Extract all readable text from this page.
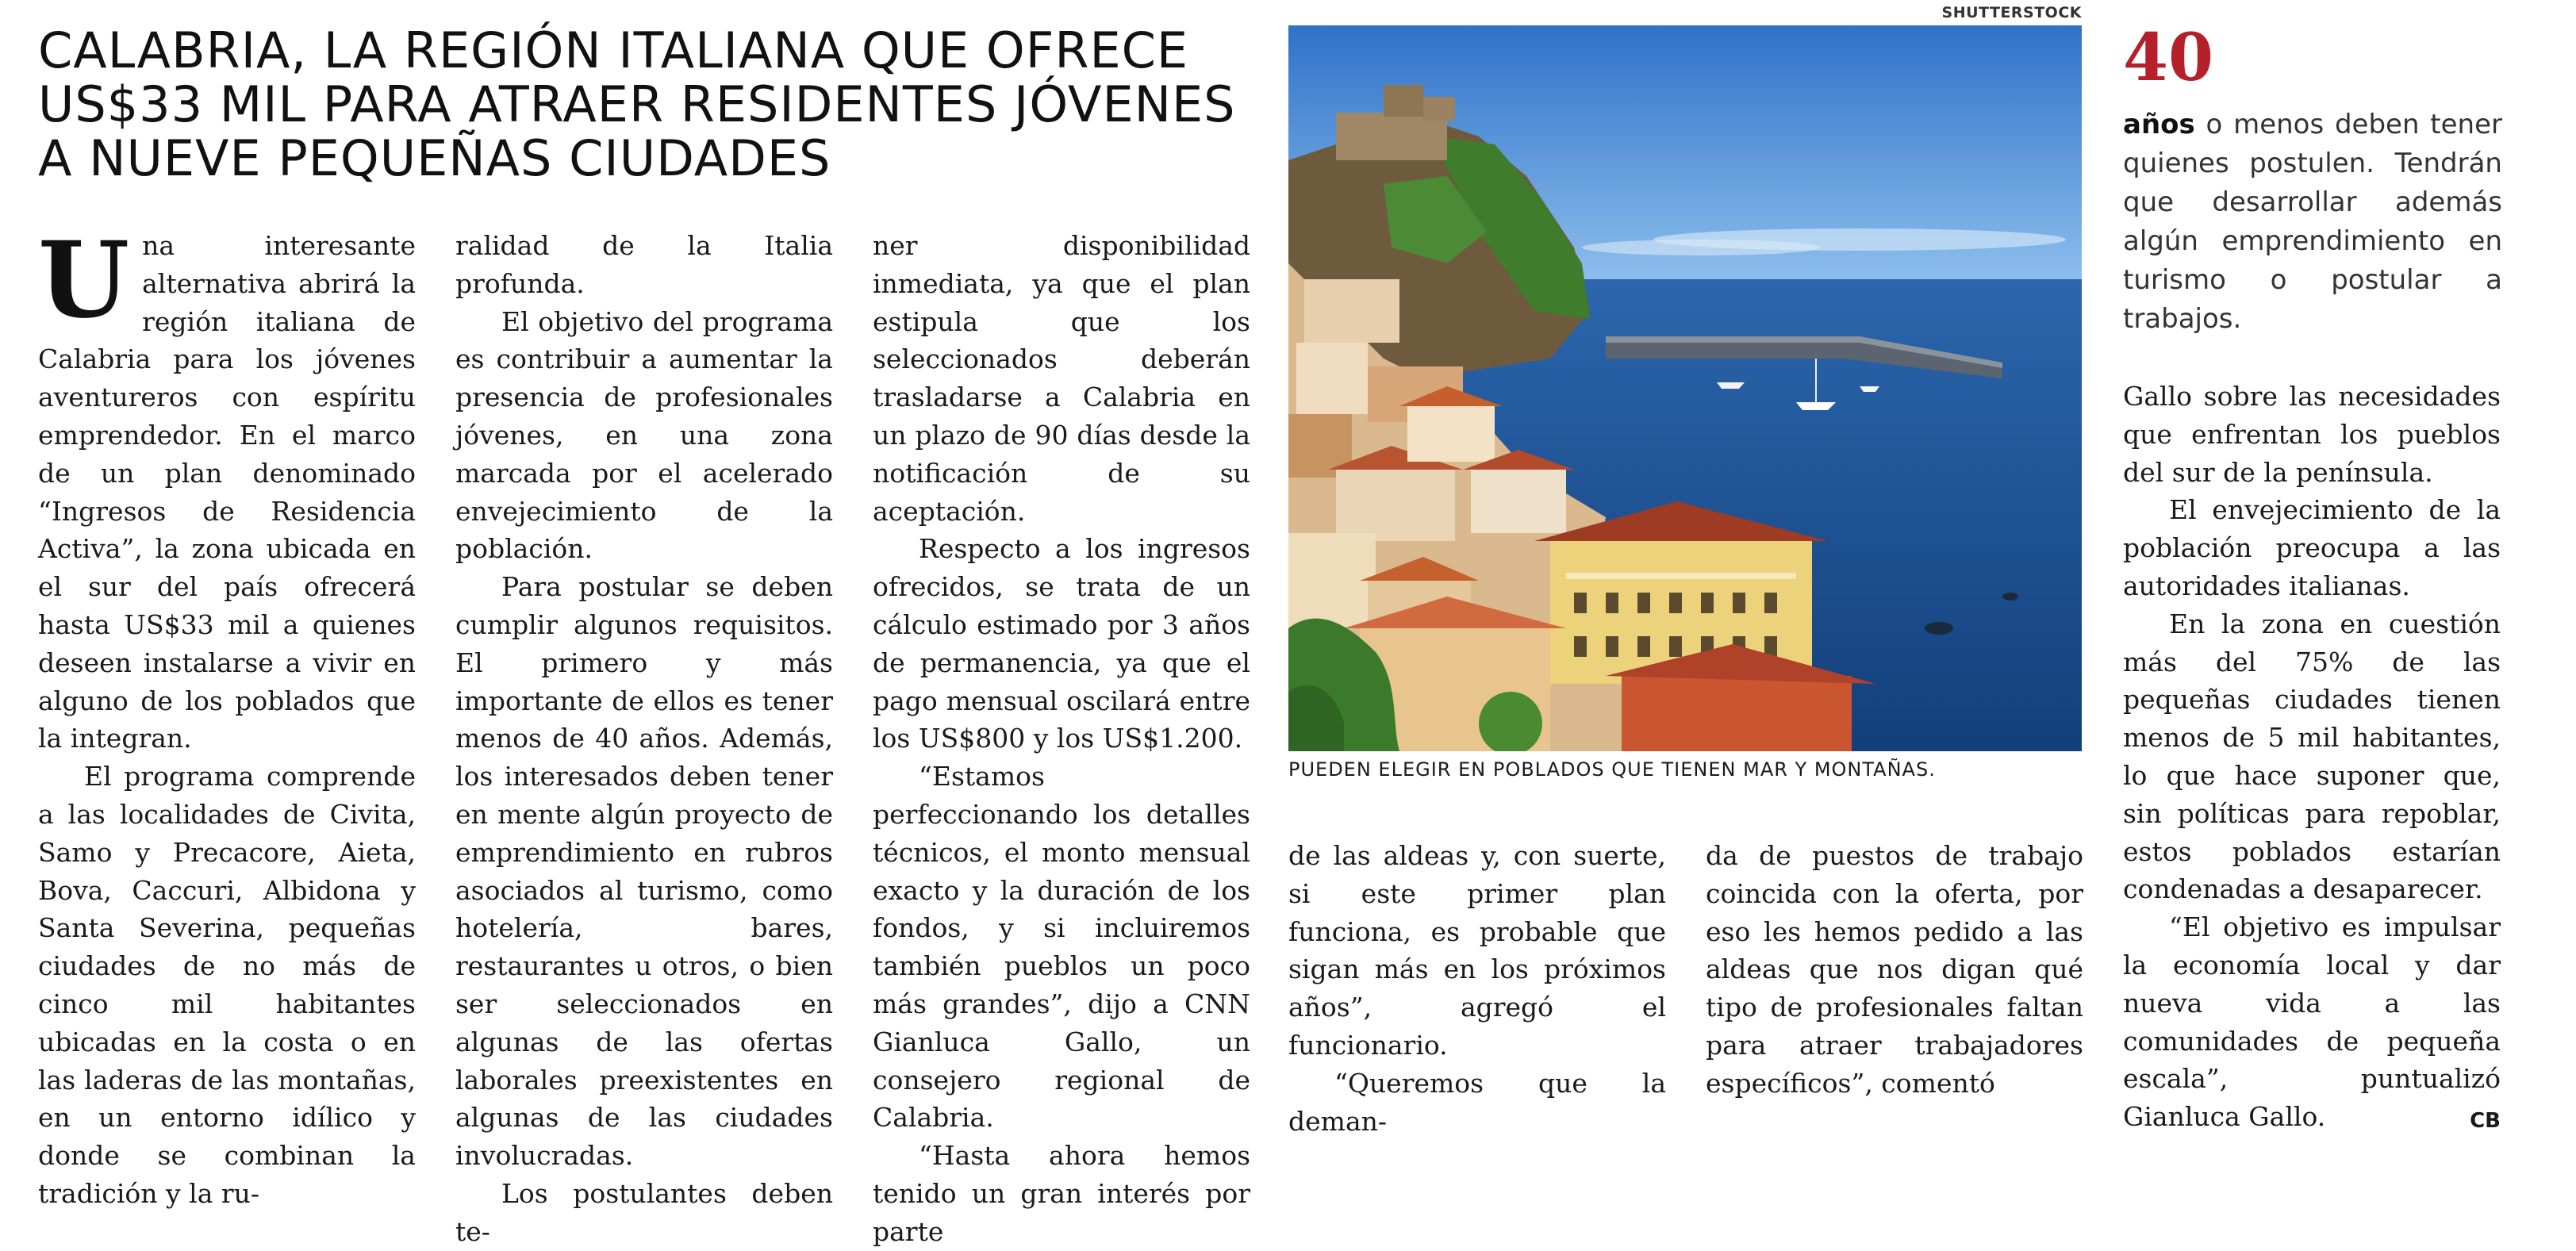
CALABRIA, LA REGIÓN ITALIANA QUE OFRECE US$33 MIL PARA ATRAER RESIDENTES JÓVENES A NUEVE PEQUEÑAS CIUDADES
U na interesante alternativa abrirá la región italiana de Calabria para los jóvenes aventureros con espíritu emprendedor. En el marco de un plan denominado “Ingresos de Residencia Activa”, la zona ubicada en el sur del país ofrecerá hasta US$33 mil a quienes deseen instalarse a vivir en alguno de los poblados que la integran.

El programa comprende a las localidades de Civita, Samo y Precacore, Aieta, Bova, Caccuri, Albidona y Santa Severina, pequeñas ciudades de no más de cinco mil habitantes ubicadas en la costa o en las laderas de las montañas, en un entorno idílico y donde se combinan la tradición y la ru-

ralidad de la Italia profunda.

El objetivo del programa es contribuir a aumentar la presencia de profesionales jóvenes, en una zona marcada por el acelerado envejecimiento de la población.

Para postular se deben cumplir algunos requisitos. El primero y más importante de ellos es tener menos de 40 años. Además, los interesados deben tener en mente algún proyecto de emprendimiento en rubros asociados al turismo, como hotelería, bares, restaurantes u otros, o bien ser seleccionados en algunas de las ofertas laborales preexistentes en algunas de las ciudades involucradas.

Los postulantes deben te-

ner disponibilidad inmediata, ya que el plan estipula que los seleccionados deberán trasladarse a Calabria en un plazo de 90 días desde la notificación de su aceptación.

Respecto a los ingresos ofrecidos, se trata de un cálculo estimado por 3 años de permanencia, ya que el pago mensual oscilará entre los US$800 y los US$1.200.

“Estamos perfeccionando los detalles técnicos, el monto mensual exacto y la duración de los fondos, y si incluiremos también pueblos un poco más grandes”, dijo a CNN Gianluca Gallo, un consejero regional de Calabria.

“Hasta ahora hemos tenido un gran interés por parte

SHUTTERSTOCK
PUEDEN ELEGIR EN POBLADOS QUE TIENEN MAR Y MONTAÑAS.

de las aldeas y, con suerte, si este primer plan funciona, es probable que sigan más en los próximos años”, agregó el funcionario.

“Queremos que la deman-

da de puestos de trabajo coincida con la oferta, por eso les hemos pedido a las aldeas que nos digan qué tipo de profesionales faltan para atraer trabajadores específicos”, comentó

40
años o menos deben tener quienes postulen. Tendrán que desarrollar además algún emprendimiento en turismo o postular a trabajos.

Gallo sobre las necesidades que enfrentan los pueblos del sur de la península.

El envejecimiento de la población preocupa a las autoridades italianas.

En la zona en cuestión más del 75% de las pequeñas ciudades tienen menos de 5 mil habitantes, lo que hace suponer que, sin políticas para repoblar, estos poblados estarían condenadas a desaparecer.

“El objetivo es impulsar la economía local y dar nueva vida a las comunidades de pequeña escala”, puntualizó Gianluca Gallo.	CB
